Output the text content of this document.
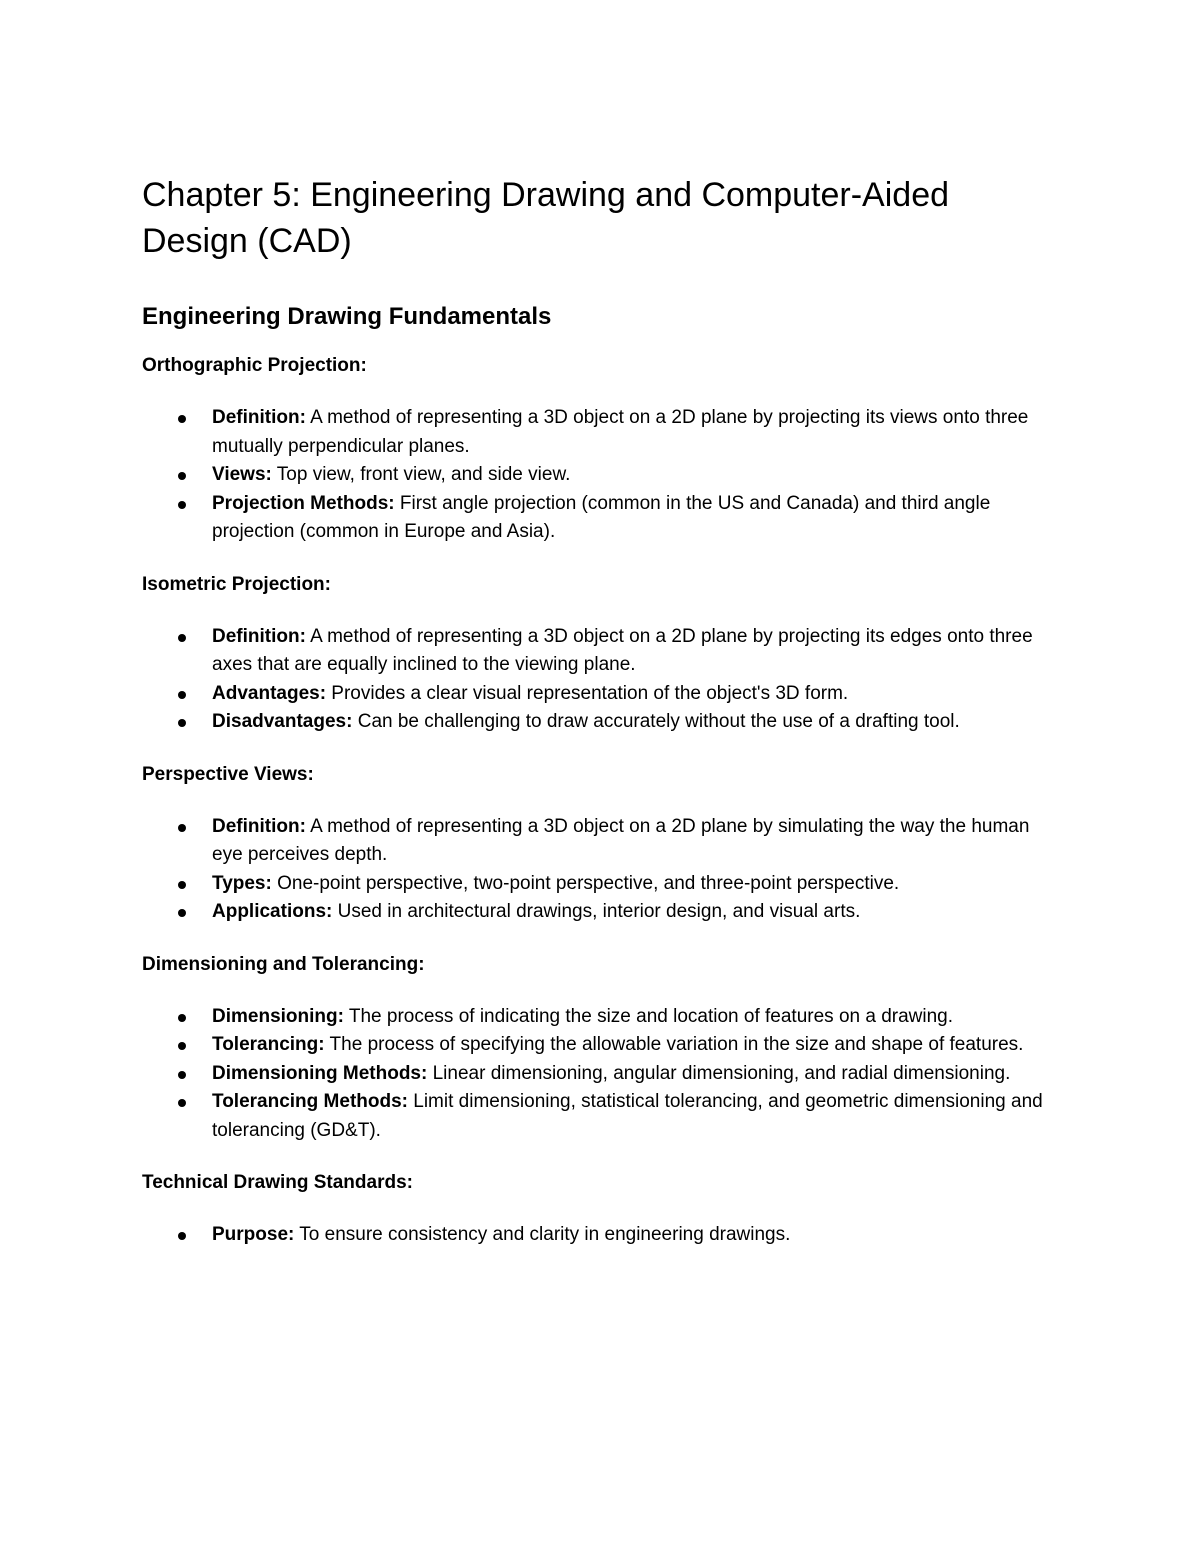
Chapter 5: Engineering Drawing and Computer-Aided Design (CAD)
Engineering Drawing Fundamentals

Orthographic Projection:

Definition: A method of representing a 3D object on a 2D plane by projecting its views onto three mutually perpendicular planes.
Views: Top view, front view, and side view.
Projection Methods: First angle projection (common in the US and Canada) and third angle projection (common in Europe and Asia).

Isometric Projection:

Definition: A method of representing a 3D object on a 2D plane by projecting its edges onto three axes that are equally inclined to the viewing plane.
Advantages: Provides a clear visual representation of the object's 3D form.
Disadvantages: Can be challenging to draw accurately without the use of a drafting tool.

Perspective Views:

Definition: A method of representing a 3D object on a 2D plane by simulating the way the human eye perceives depth.
Types: One-point perspective, two-point perspective, and three-point perspective.
Applications: Used in architectural drawings, interior design, and visual arts.

Dimensioning and Tolerancing:

Dimensioning: The process of indicating the size and location of features on a drawing.
Tolerancing: The process of specifying the allowable variation in the size and shape of features.
Dimensioning Methods: Linear dimensioning, angular dimensioning, and radial dimensioning.
Tolerancing Methods: Limit dimensioning, statistical tolerancing, and geometric dimensioning and tolerancing (GD&T).

Technical Drawing Standards:

Purpose: To ensure consistency and clarity in engineering drawings.
